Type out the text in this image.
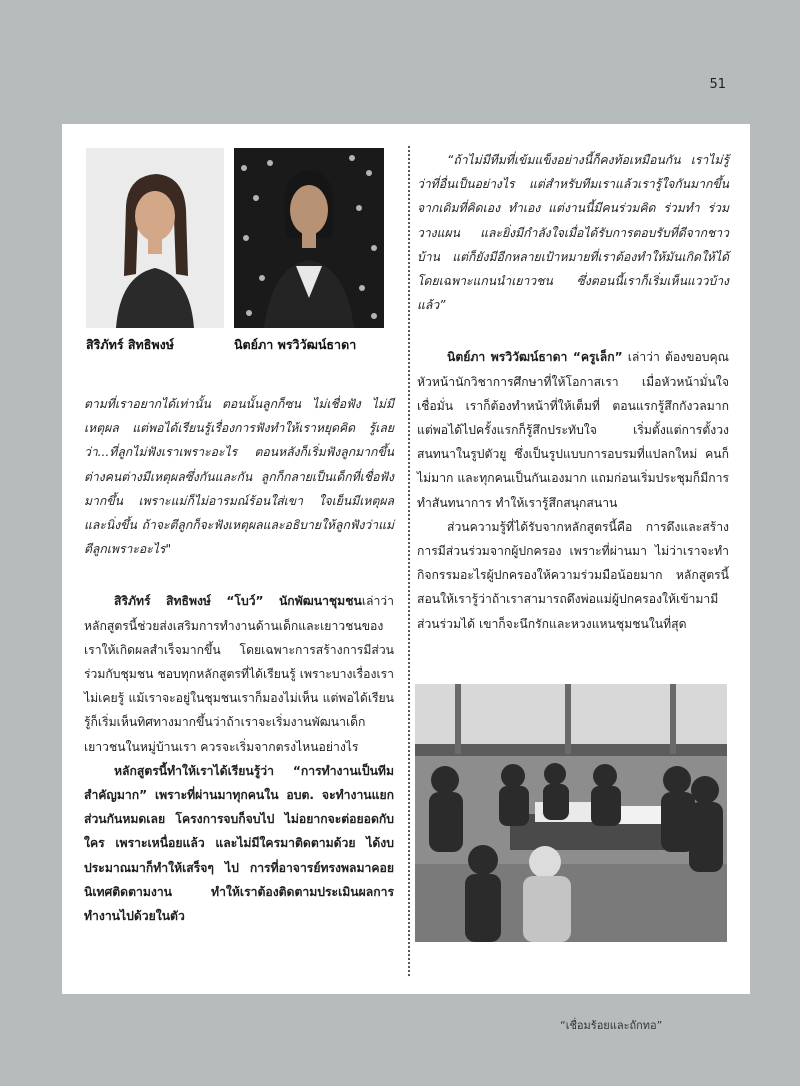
51
สิริภัทร์ สิทธิพงษ์	นิตย์ภา พรวิวัฒน์ธาดา

ตามที่เราอยากได้เท่านั้น ตอนนั้นลูกก็ซน ไม่เชื่อฟัง ไม่มีเหตุผล แต่พอได้เรียนรู้เรื่องการฟังทำให้เราหยุดคิด รู้เลยว่า...ที่ลูกไม่ฟังเราเพราะอะไร ตอนหลังก็เริ่มฟังลูกมากขึ้น ต่างคนต่างมีเหตุผลซึ่งกันและกัน ลูกก็กลายเป็นเด็กที่เชื่อฟังมากขึ้น เพราะแม่ก็ไม่อารมณ์ร้อนใส่เขา ใจเย็นมีเหตุผล และนิ่งขึ้น ถ้าจะตีลูกก็จะฟังเหตุผลและอธิบายให้ลูกฟังว่าแม่ตีลูกเพราะอะไร"

สิริภัทร์ สิทธิพงษ์ “โบว์” นักพัฒนาชุมชนเล่าว่า หลักสูตรนี้ช่วยส่งเสริมการทำงานด้านเด็กและเยาวชนของเราให้เกิดผลสำเร็จมากขึ้น โดยเฉพาะการสร้างการมีส่วนร่วมกับชุมชน ชอบทุกหลักสูตรที่ได้เรียนรู้ เพราะบางเรื่องเราไม่เคยรู้ แม้เราจะอยู่ในชุมชนเราก็มองไม่เห็น แต่พอได้เรียนรู้ก็เริ่มเห็นทิศทางมากขึ้นว่าถ้าเราจะเริ่มงานพัฒนาเด็กเยาวชนในหมู่บ้านเรา ควรจะเริ่มจากตรงไหนอย่างไร

หลักสูตรนี้ทำให้เราได้เรียนรู้ว่า “การทำงานเป็นทีมสำคัญมาก” เพราะที่ผ่านมาทุกคนใน อบต. จะทำงานแยกส่วนกันหมดเลย โครงการจบก็จบไป ไม่อยากจะต่อยอดกับใคร เพราะเหนื่อยแล้ว และไม่มีใครมาติดตามด้วย ได้งบประมาณมาก็ทำให้เสร็จๆ ไป การที่อาจารย์ทรงพลมาคอยนิเทศติดตามงาน ทำให้เราต้องติดตามประเมินผลการทำงานไปด้วยในตัว

“ถ้าไม่มีทีมที่เข้มแข็งอย่างนี้ก็คงท้อเหมือนกัน เราไม่รู้ว่าที่อื่นเป็นอย่างไร แต่สำหรับทีมเราแล้วเรารู้ใจกันมากขึ้น จากเดิมที่คิดเอง ทำเอง แต่งานนี้มีคนร่วมคิด ร่วมทำ ร่วมวางแผน และยิ่งมีกำลังใจเมื่อได้รับการตอบรับที่ดีจากชาวบ้าน แต่ก็ยังมีอีกหลายเป้าหมายที่เราต้องทำให้มันเกิดให้ได้ โดยเฉพาะแกนนำเยาวชน ซึ่งตอนนี้เราก็เริ่มเห็นแววบ้างแล้ว”

นิตย์ภา พรวิวัฒน์ธาดา “ครูเล็ก” เล่าว่า ต้องขอบคุณหัวหน้านักวิชาการศึกษาที่ให้โอกาสเรา เมื่อหัวหน้ามั่นใจ เชื่อมั่น เราก็ต้องทำหน้าที่ให้เต็มที่ ตอนแรกรู้สึกกังวลมาก แต่พอได้ไปครั้งแรกก็รู้สึกประทับใจ เริ่มตั้งแต่การตั้งวงสนทนาในรูปตัวยู ซึ่งเป็นรูปแบบการอบรมที่แปลกใหม่ คนก็ไม่มาก และทุกคนเป็นกันเองมาก แถมก่อนเริ่มประชุมก็มีการทำสันทนาการ ทำให้เรารู้สึกสนุกสนาน

ส่วนความรู้ที่ได้รับจากหลักสูตรนี้คือ การดึงและสร้างการมีส่วนร่วมจากผู้ปกครอง เพราะที่ผ่านมา ไม่ว่าเราจะทำกิจกรรมอะไรผู้ปกครองให้ความร่วมมือน้อยมาก หลักสูตรนี้สอนให้เรารู้ว่าถ้าเราสามารถดึงพ่อแม่ผู้ปกครองให้เข้ามามีส่วนร่วมได้ เขาก็จะนึกรักและหวงแหนชุมชนในที่สุด

“เชื่อมร้อยและถักทอ”
